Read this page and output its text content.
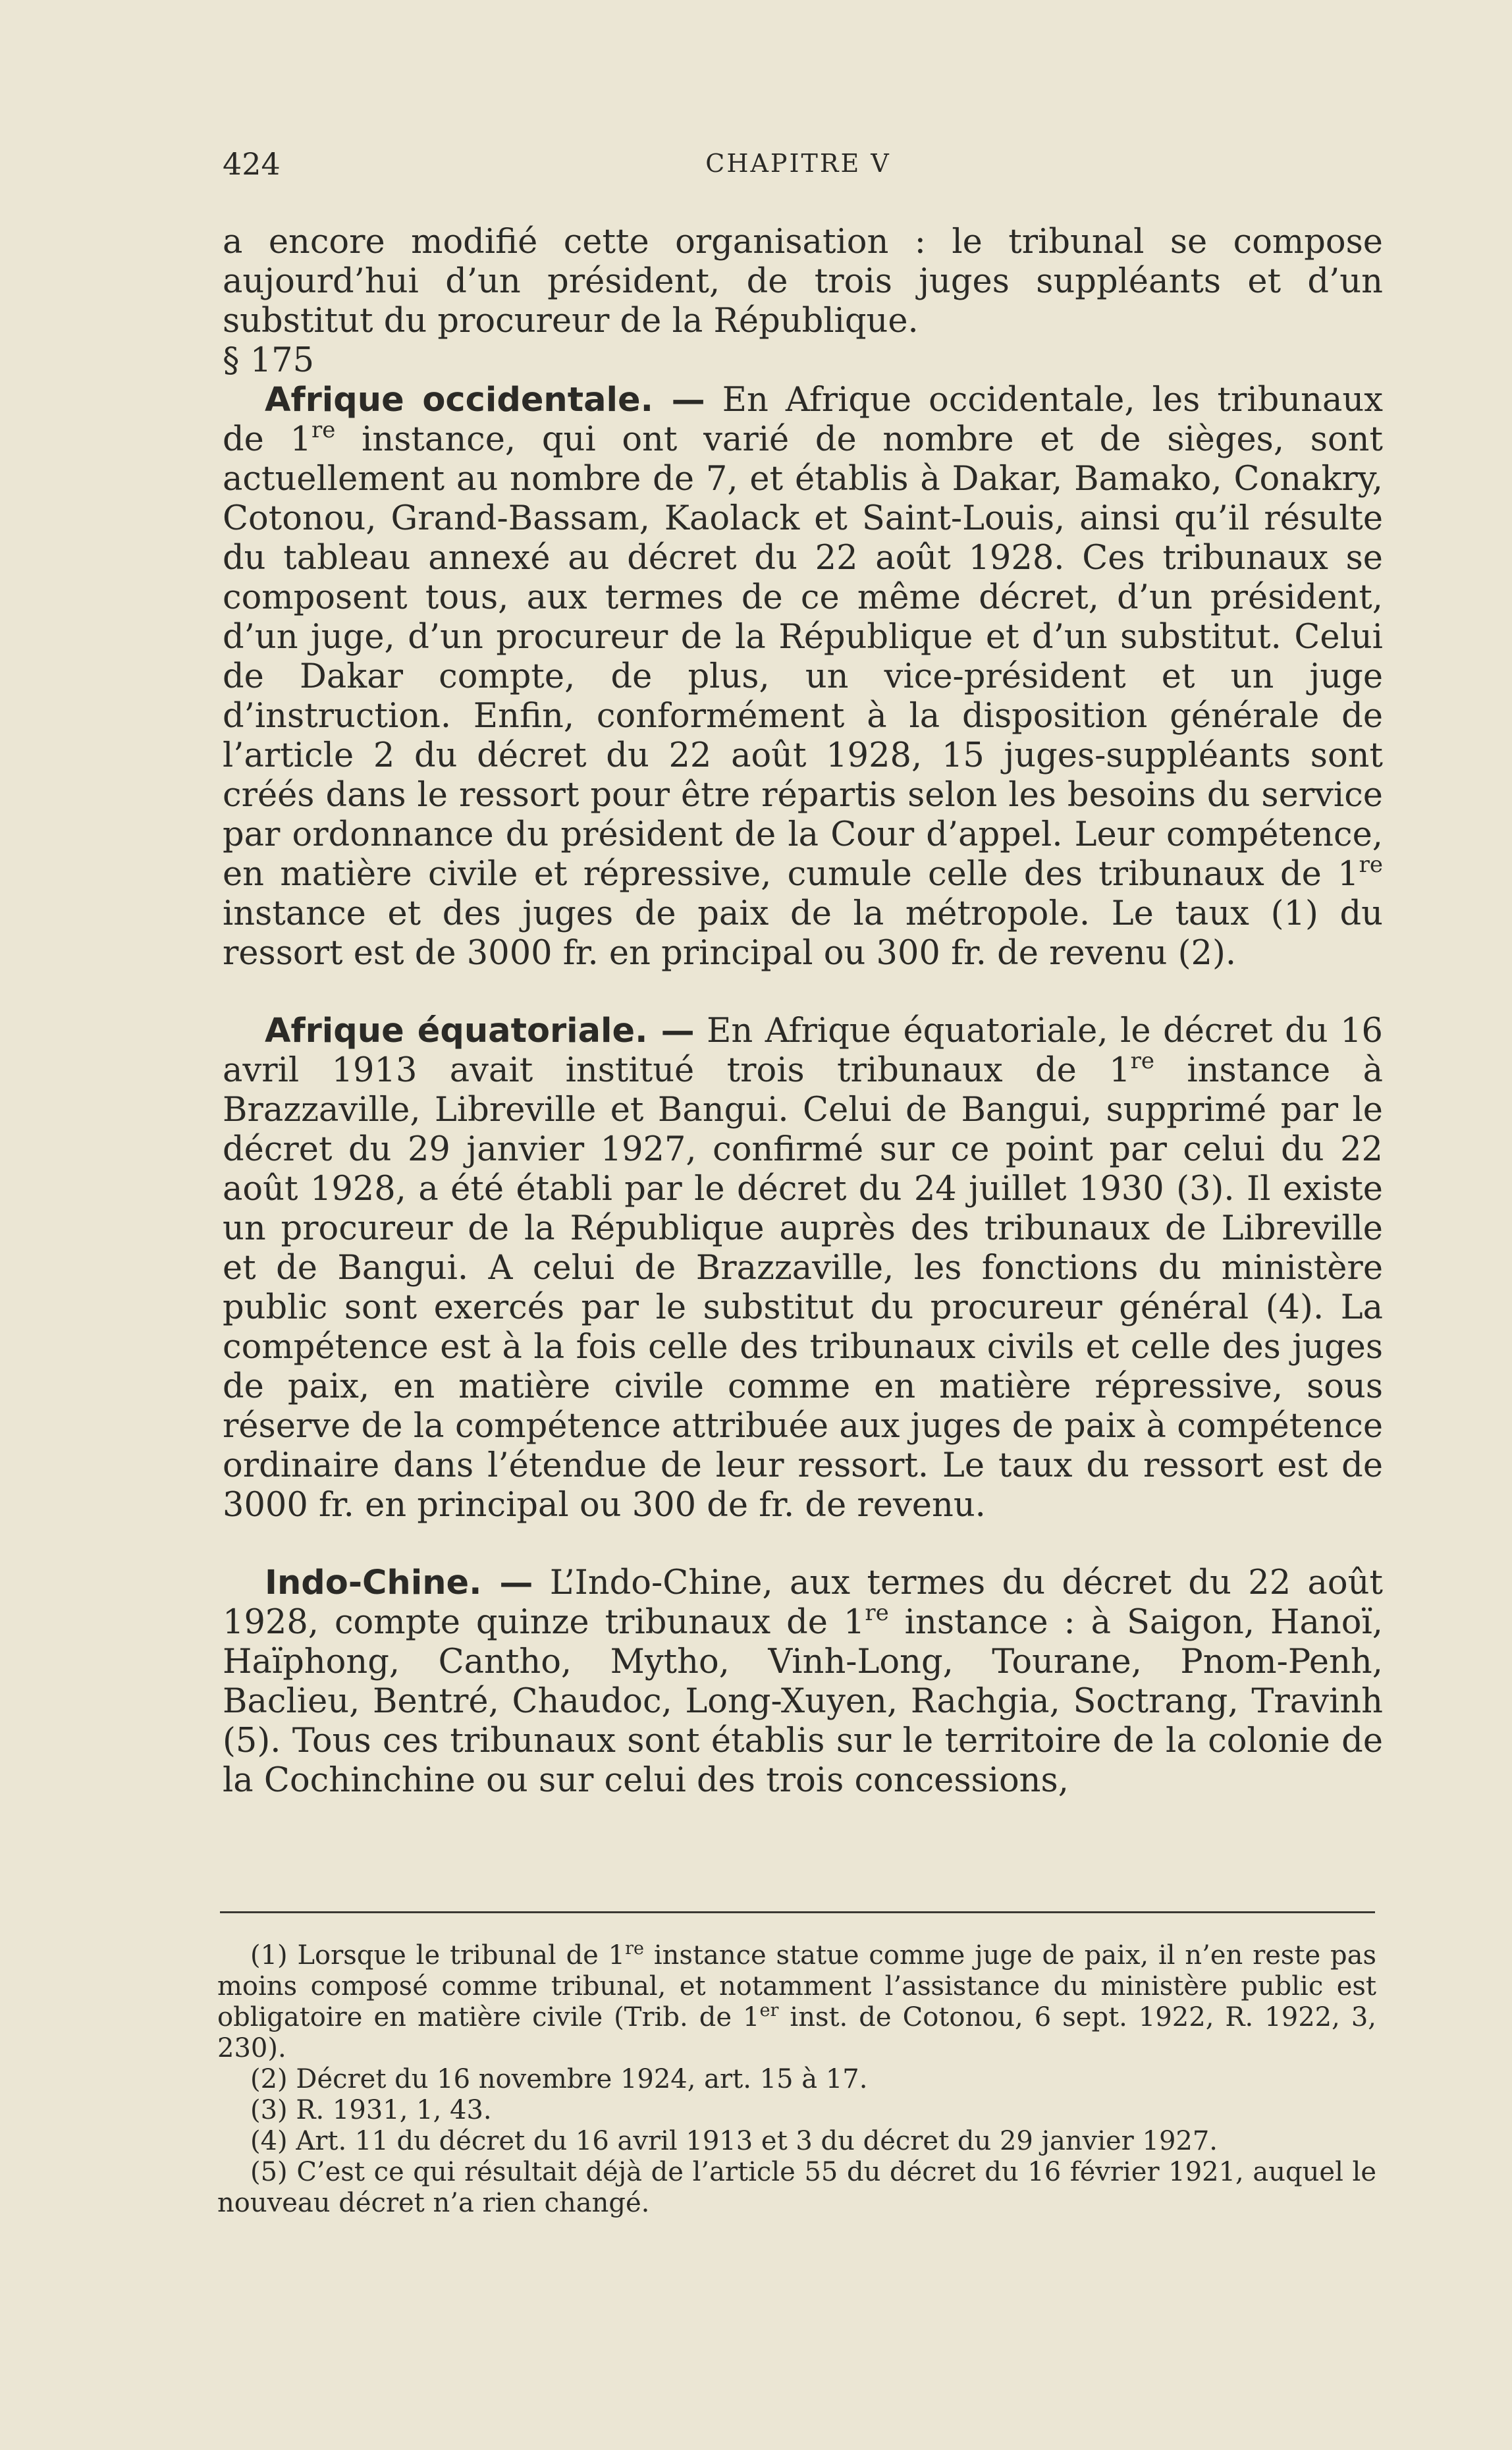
424	CHAPITRE V

a encore modifié cette organisation : le tribunal se compose aujourd’hui d’un président, de trois juges suppléants et d’un substitut du procureur de la République.

§ 175

Afrique occidentale. — En Afrique occidentale, les tribunaux de 1re instance, qui ont varié de nombre et de sièges, sont actuellement au nombre de 7, et établis à Dakar, Bamako, Conakry, Cotonou, Grand-Bassam, Kaolack et Saint-Louis, ainsi qu’il résulte du tableau annexé au décret du 22 août 1928. Ces tribunaux se composent tous, aux termes de ce même décret, d’un président, d’un juge, d’un procureur de la République et d’un substitut. Celui de Dakar compte, de plus, un vice-président et un juge d’instruction. Enfin, conformément à la disposition générale de l’article 2 du décret du 22 août 1928, 15 juges-suppléants sont créés dans le ressort pour être répartis selon les besoins du service par ordonnance du président de la Cour d’appel. Leur compétence, en matière civile et répressive, cumule celle des tribunaux de 1re instance et des juges de paix de la métropole. Le taux (1) du ressort est de 3000 fr. en principal ou 300 fr. de revenu (2).

Afrique équatoriale. — En Afrique équatoriale, le décret du 16 avril 1913 avait institué trois tribunaux de 1re instance à Brazzaville, Libreville et Bangui. Celui de Bangui, supprimé par le décret du 29 janvier 1927, confirmé sur ce point par celui du 22 août 1928, a été établi par le décret du 24 juillet 1930 (3). Il existe un procureur de la République auprès des tribunaux de Libreville et de Bangui. A celui de Brazzaville, les fonctions du ministère public sont exercés par le substitut du procureur général (4). La compétence est à la fois celle des tribunaux civils et celle des juges de paix, en matière civile comme en matière répressive, sous réserve de la compétence attribuée aux juges de paix à compétence ordinaire dans l’étendue de leur ressort. Le taux du ressort est de 3000 fr. en principal ou 300 de fr. de revenu.

Indo-Chine. — L’Indo-Chine, aux termes du décret du 22 août 1928, compte quinze tribunaux de 1re instance : à Saigon, Hanoï, Haïphong, Cantho, Mytho, Vinh-Long, Tourane, Pnom-Penh, Baclieu, Bentré, Chaudoc, Long-Xuyen, Rachgia, Soctrang, Travinh (5). Tous ces tribunaux sont établis sur le territoire de la colonie de la Cochinchine ou sur celui des trois concessions,

(1) Lorsque le tribunal de 1re instance statue comme juge de paix, il n’en reste pas moins composé comme tribunal, et notamment l’assistance du ministère public est obligatoire en matière civile (Trib. de 1er inst. de Cotonou, 6 sept. 1922, R. 1922, 3, 230).

(2) Décret du 16 novembre 1924, art. 15 à 17.

(3) R. 1931, 1, 43.

(4) Art. 11 du décret du 16 avril 1913 et 3 du décret du 29 janvier 1927.

(5) C’est ce qui résultait déjà de l’article 55 du décret du 16 février 1921, auquel le nouveau décret n’a rien changé.
